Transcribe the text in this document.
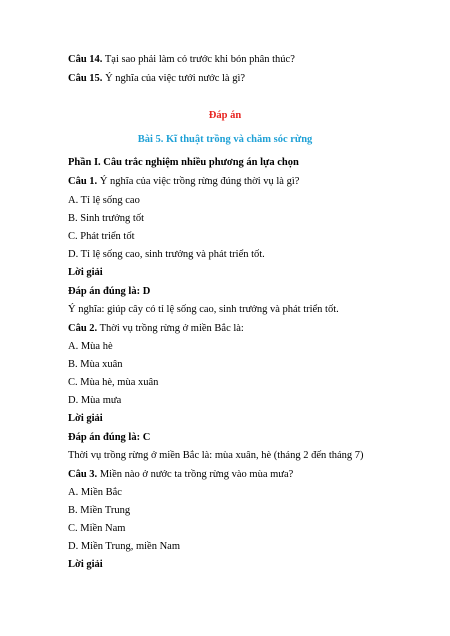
Câu 14. Tại sao phải làm cỏ trước khi bón phân thúc?
Câu 15. Ý nghĩa của việc tưới nước là gì?
Đáp án
Bài 5. Kĩ thuật trồng và chăm sóc rừng
Phần I. Câu trắc nghiệm nhiều phương án lựa chọn
Câu 1. Ý nghĩa của việc trồng rừng đúng thời vụ là gì?
A. Tỉ lệ sống cao
B. Sinh trưởng tốt
C. Phát triển tốt
D. Tỉ lệ sống cao, sinh trưởng và phát triển tốt.
Lời giải
Đáp án đúng là: D
Ý nghĩa: giúp cây có tỉ lệ sống cao, sinh trưởng và phát triển tốt.
Câu 2. Thời vụ trồng rừng ở miền Bắc là:
A. Mùa hè
B. Mùa xuân
C. Mùa hè, mùa xuân
D. Mùa mưa
Lời giải
Đáp án đúng là: C
Thời vụ trồng rừng ở miền Bắc là: mùa xuân, hè (tháng 2 đến tháng 7)
Câu 3. Miền nào ở nước ta trồng rừng vào mùa mưa?
A. Miền Bắc
B. Miền Trung
C. Miền Nam
D. Miền Trung, miền Nam
Lời giải
